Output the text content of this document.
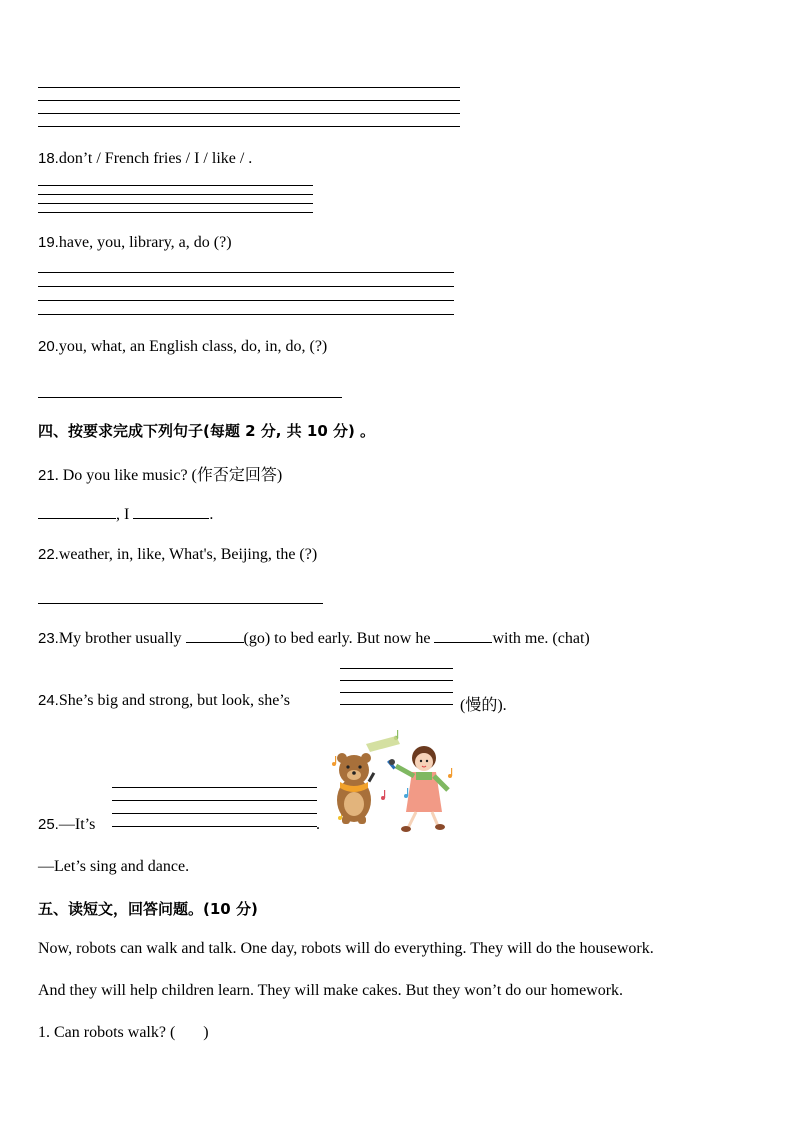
18.don’t / French fries / I / like / .
19.have, you, library, a, do (?)
20.you, what, an English class, do, in, do, (?)
四、按要求完成下列句子(每题 2 分, 共 10 分) 。
21. Do you like music? (作否定回答)
, I	.
22.weather, in, like, What's, Beijing, the (?)
23.My brother usually	(go) to bed early. But now he	with me. (chat)
24.She’s big and strong, but look, she’s	(慢的).
25.—It’s	.
—Let’s sing and dance.
五、读短文，回答问题。(10 分)
Now, robots can walk and talk. One day, robots will do everything. They will do the housework.
And they will help children learn. They will make cakes. But they won’t do our homework.
1. Can robots walk? (       )
